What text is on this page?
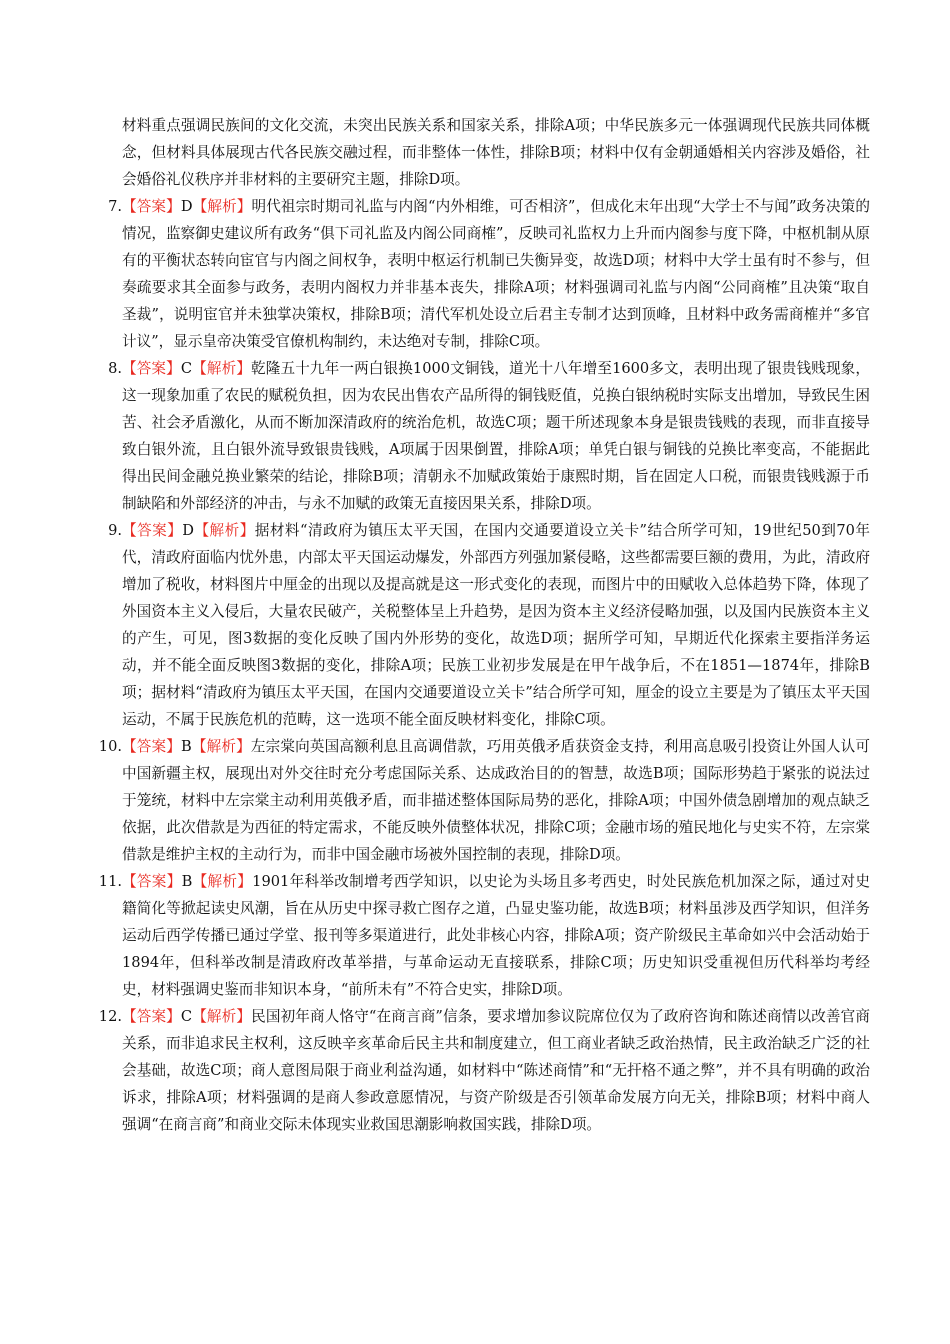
材料重点强调民族间的文化交流，未突出民族关系和国家关系，排除A项；中华民族多元一体强调现代民族共同体概念，但材料具体展现古代各民族交融过程，而非整体一体性，排除B项；材料中仅有金朝通婚相关内容涉及婚俗，社会婚俗礼仪秩序并非材料的主要研究主题，排除D项。

7. 【答案】D【解析】明代祖宗时期司礼监与内阁“内外相维，可否相济”，但成化末年出现“大学士不与闻”政务决策的情况，监察御史建议所有政务“俱下司礼监及内阁公同商榷”，反映司礼监权力上升而内阁参与度下降，中枢机制从原有的平衡状态转向宦官与内阁之间权争，表明中枢运行机制已失衡异变，故选D项；材料中大学士虽有时不参与，但奏疏要求其全面参与政务，表明内阁权力并非基本丧失，排除A项；材料强调司礼监与内阁“公同商榷”且决策“取自圣裁”，说明宦官并未独掌决策权，排除B项；清代军机处设立后君主专制才达到顶峰，且材料中政务需商榷并“多官计议”，显示皇帝决策受官僚机构制约，未达绝对专制，排除C项。
8. 【答案】C【解析】乾隆五十九年一两白银换1000文铜钱，道光十八年增至1600多文，表明出现了银贵钱贱现象，这一现象加重了农民的赋税负担，因为农民出售农产品所得的铜钱贬值，兑换白银纳税时实际支出增加，导致民生困苦、社会矛盾激化，从而不断加深清政府的统治危机，故选C项；题干所述现象本身是银贵钱贱的表现，而非直接导致白银外流，且白银外流导致银贵钱贱，A项属于因果倒置，排除A项；单凭白银与铜钱的兑换比率变高，不能据此得出民间金融兑换业繁荣的结论，排除B项；清朝永不加赋政策始于康熙时期，旨在固定人口税，而银贵钱贱源于币制缺陷和外部经济的冲击，与永不加赋的政策无直接因果关系，排除D项。
9. 【答案】D【解析】据材料“清政府为镇压太平天国，在国内交通要道设立关卡”结合所学可知，19世纪50到70年代，清政府面临内忧外患，内部太平天国运动爆发，外部西方列强加紧侵略，这些都需要巨额的费用，为此，清政府增加了税收，材料图片中厘金的出现以及提高就是这一形式变化的表现，而图片中的田赋收入总体趋势下降，体现了外国资本主义入侵后，大量农民破产，关税整体呈上升趋势，是因为资本主义经济侵略加强，以及国内民族资本主义的产生，可见，图3数据的变化反映了国内外形势的变化，故选D项；据所学可知，早期近代化探索主要指洋务运动，并不能全面反映图3数据的变化，排除A项；民族工业初步发展是在甲午战争后，不在1851—1874年，排除B项；据材料“清政府为镇压太平天国，在国内交通要道设立关卡”结合所学可知，厘金的设立主要是为了镇压太平天国运动，不属于民族危机的范畴，这一选项不能全面反映材料变化，排除C项。
10. 【答案】B【解析】左宗棠向英国高额利息且高调借款，巧用英俄矛盾获资金支持，利用高息吸引投资让外国人认可中国新疆主权，展现出对外交往时充分考虑国际关系、达成政治目的的智慧，故选B项；国际形势趋于紧张的说法过于笼统，材料中左宗棠主动利用英俄矛盾，而非描述整体国际局势的恶化，排除A项；中国外债急剧增加的观点缺乏依据，此次借款是为西征的特定需求，不能反映外债整体状况，排除C项；金融市场的殖民地化与史实不符，左宗棠借款是维护主权的主动行为，而非中国金融市场被外国控制的表现，排除D项。
11. 【答案】B【解析】1901年科举改制增考西学知识，以史论为头场且多考西史，时处民族危机加深之际，通过对史籍简化等掀起读史风潮，旨在从历史中探寻救亡图存之道，凸显史鉴功能，故选B项；材料虽涉及西学知识，但洋务运动后西学传播已通过学堂、报刊等多渠道进行，此处非核心内容，排除A项；资产阶级民主革命如兴中会活动始于1894年，但科举改制是清政府改革举措，与革命运动无直接联系，排除C项；历史知识受重视但历代科举均考经史，材料强调史鉴而非知识本身，“前所未有”不符合史实，排除D项。
12. 【答案】C【解析】民国初年商人恪守“在商言商”信条，要求增加参议院席位仅为了政府咨询和陈述商情以改善官商关系，而非追求民主权利，这反映辛亥革命后民主共和制度建立，但工商业者缺乏政治热情，民主政治缺乏广泛的社会基础，故选C项；商人意图局限于商业利益沟通，如材料中“陈述商情”和“无扞格不通之弊”，并不具有明确的政治诉求，排除A项；材料强调的是商人参政意愿情况，与资产阶级是否引领革命发展方向无关，排除B项；材料中商人强调“在商言商”和商业交际未体现实业救国思潮影响救国实践，排除D项。
